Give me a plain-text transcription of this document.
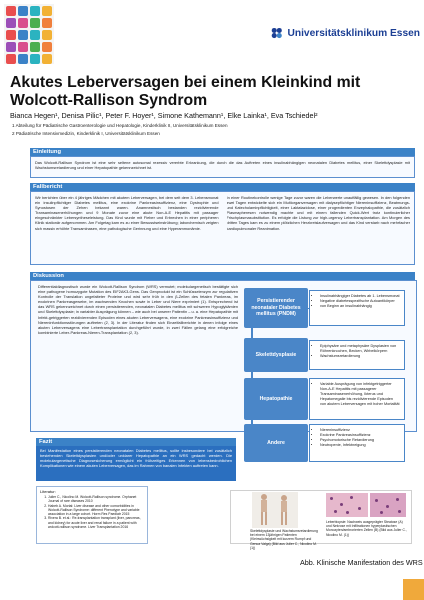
Universitätsklinikum Essen
Akutes Leberversagen bei einem Kleinkind mit Wolcott-Rallison Syndrom
Bianca Hegen¹, Denisa Pilic¹, Peter F. Hoyer¹, Simone Kathemann¹, Elke Lainka¹, Eva Tschiedel²
1 Abteilung für Pädiatrische Gastroenterologie und Hepatologie, Kinderklinik II, Universitätsklinikum Essen
2 Pädiatrische Intensivmedizin, Kinderklinik I, Universitätsklinikum Essen
Einleitung
Das Wolcott-Rallison Syndrom ist eine sehr seltene autosomal rezessiv vererbte Erkrankung, die durch die das Auftreten eines insulinabhängigen neonatalen Diabetes mellitus, einer Skelettdysplasie mit Wachstumsretardierung und einer Hepatopathie gekennzeichnet ist.
Fallbericht
Wir berichten über ein 4 jähriges Mädchen mit akutem Leberversagen, bei dem seit dem 3. Lebensmonat ein insulinpflichtiger Diabetes mellitus, eine exokrine Pankreasinsuffizienz, eine Dystrophie und Synostosen der Zehen bekannt waren. Anamnestisch bestanden rezidivierende Transaminasenerhöhungen und 9 Monate zuvor eine akute Non-A-E Hepatitis mit passager eingeschränkter Lebersyntheseleistung. Das Kind wurde mit Fieber und Erbrechen in einer peripheren Klinik stationär aufgenommen. Am Folgetag kam es zu einer Bewusstseinstrübung; laborchemisch zeigten sich massiv erhöhte Transaminasen, eine pathologische Gerinnung und eine Hyperammonämie.
In einer Routinekontrolle wenige Tage zuvor waren die Leberwerte unauffällig gewesen. In den folgenden zwei Tagen entwickelte sich ein Multiorganversagen mit dialysepflichtiger Niereninsuffizienz, Beatmungs- und Katecholaminpflichtigkeit, einer Laktatazidose, einer progredienten Enzephalopathie, die zusätzlich Plasmapheresen notwendig machte und mit einem fallenden Quick-Wert trotz kontinuierlicher Frischplasmasubstitution. Es erfolgte die Listung zur high-urgency Lebertransplantation. Am Morgen des dritten Tages kam es zu einem plötzlichen Herzkreislaufversagen und das Kind verstarb nach mehrfacher kardiopulmonaler Reanimation.
Diskussion
Differentialdiagnostisch wurde ein Wolcott-Rallison Syndrom (WRS) vermutet; molekulargenetisch bestätigte sich eine pathogene homozygote Mutation des EIF2AK3-Gens. Das Genprodukt ist ein Schlüsselenzym zur regulativen Kontrolle der Translation ungefalteter Proteine und wird sehr früh in den β-Zellen des fetalen Pankreas, im exokrinen Pankreasgewebe, im wachsenden Knochen sowie in Leber und Niere exprimiert (1). Entsprechend ist das WRS gekennzeichnet durch einen persistierenden, neonatalen Diabetes mellitus mit schweren Hypoglykämien und Skelettdysplasie; in variabler Ausprägung können – wie auch bei unserer Patientin – u. a. eine Hepatopathie mit Infekt-getriggerten rezidivierenden Episoden eines akuten Leberversagens, eine exokrine Pankreasinsuffizienz und Niereninfunktionsstörungen auftreten (2, 3). In der Literatur finden sich Einzelfallberichte in denen infolge eines akuten Leberversagens eine Lebertransplantation durchgeführt wurde, in zwei Fällen gelang eine erfolgreiche kombinierte Leber-Pankreas-Nieren-Transplantation (2, 3).
Persistierender neonataler Diabetes mellitus (PNDM)
• Insulinabhängiger Diabetes ab 1. Lebensmonat
• Negative diabetesspezifische Autoantikörper
• von Beginn an insulinabhängig
Skelettdysplasie
• Epiphysäre und metaphysäre Dysplasien von Röhrenknochen, Becken, Wirbelkörpern
• Wachstumsretardierung
Hepatopathie
• Variable Ausprägung von infektgetriggerter Non-A-E Hepatitis mit passagerer Transaminasenerhöhung, Ikterus und Hepatomegalie bis rezidivierende Episoden von akutem Leberversagen mit hoher Mortalität
Andere
• Niereninsuffizienz
• Exokrine Pankreasinsuffizienz
• Psychomotorische Retardierung
• Neutropenie, Infektneigung
Fazit
Bei Manifestation eines persistierenden neonatalen Diabetes mellitus, sollte insbesondere bei zusätzlich bestehenden Skelettdysplasien und/oder unklarer Hepatopathie an ein WRS gedacht werden. Die molekulargenetische Diagnosesicherung ermöglicht ein frühzeitiges Erkennen von lebensbedrohlichen Komplikationen wie einem akuten Leberversagen, das im Rahmen von banalen Infekten auftreten kann.
Literatur:
1. Julier C., Nicolino M. Wolcott-Rallison syndrome. Orphanet Journal of rare diseases 2010
2. Habeb A. Mortal: Liver disease and other comorbidities in Wolcott-Rallison Syndrome: different Phenotype and variable association in a large cohort. Horm Res Paediatr 2015
3. Rivera B. et al.: Re-transplantation transplant (liver, pancreas, and kidney) for acute liver and renal failure in a patient with wolcott-rallison syndrome. Liver Transplantation 2016
Skelettdysplasie und Wachstumsretardierung bei einem 13jährigen Patienten (Kleinwüchsigkeit mit kurzem Rumpf und Genua Valga) (Bild aus Julier C., Nicolino M. (1))
Leberbiopsie: Nachweis ausgeprägter Steatose (A) und Nekrose mit Infiltrationen hyperplastischen Monozyten/ambrorierten Zellen (B) (Bild aus Julier C., Nicolino M. (1))
Abb. Klinische Manifestation des WRS
